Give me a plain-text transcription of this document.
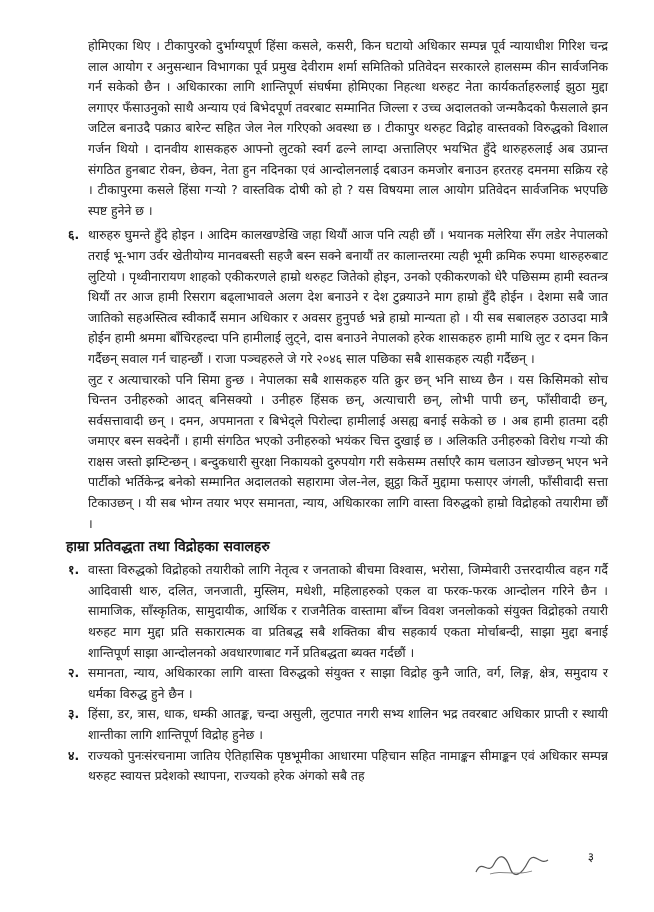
होमिएका थिए । टीकापुरको दुर्भाग्यपूर्ण हिंसा कसले, कसरी, किन घटायो अधिकार सम्पन्न पूर्व न्यायाधीश गिरिश चन्द्र लाल आयोग र अनुसन्धान विभागका पूर्व प्रमुख देवीराम शर्मा समितिको प्रतिवेदन सरकारले हालसम्म कीन सार्वजनिक गर्न सकेको छैन । अधिकारका लागि शान्तिपूर्ण संघर्षमा होमिएका निहत्था थरुहट नेता कार्यकर्ताहरुलाई झुठा मुद्दा लगाएर फँसाउनुको साथै अन्याय एवं बिभेदपूर्ण तवरबाट सम्मानित जिल्ला र उच्च अदालतको जन्मकैदको फैसलाले झन जटिल बनाउदै पक्राउ बारेन्ट सहित जेल नेल गरिएको अवस्था छ । टीकापुर थरुहट विद्रोह वास्तवको विरुद्धको विशाल गर्जन थियो । दानवीय शासकहरु आफ्नो लुटको स्वर्ग ढल्ने लाग्दा अत्तालिएर भयभित हुँदे थारुहरुलाई अब उप्रान्त संगठित हुनबाट रोक्न, छेक्न, नेता हुन नदिनका एवं आन्दोलनलाई दबाउन कमजोर बनाउन हरतरह दमनमा सक्रिय रहे । टीकापुरमा कसले हिंसा गऱ्यो ? वास्तविक दोषी को हो ? यस विषयमा लाल आयोग प्रतिवेदन सार्वजनिक भएपछि स्पष्ट हुनेने छ ।

६. थारुहरु घुमन्ते हुँदे होइन । आदिम कालखण्डेखि जहा थियौं आज पनि त्यही छौं । भयानक मलेरिया सँग लडेर नेपालको तराई भू-भाग उर्वर खेतीयोग्य मानवबस्ती सहजै बस्न सक्ने बनायौं तर कालान्तरमा त्यही भूमी क्रमिक रुपमा थारुहरुबाट लुटियो । पृथ्वीनारायण शाहको एकीकरणले हाम्रो थरुहट जितेको होइन, उनको एकीकरणको धेरै पछिसम्म हामी स्वतन्त्र थियौं तर आज हामी रिसराग बढ्लाभावले अलग देश बनाउने र देश टुक्र्याउने माग हाम्रो हुँदै होईन । देशमा सबै जात जातिको सहअस्तित्व स्वीकार्दै समान अधिकार र अवसर हुनुपर्छ भन्ने हाम्रो मान्यता हो । यी सब सबालहरु उठाउदा मात्रै होईन हामी श्रममा बाँचिरहल्दा पनि हामीलाई लुट्ने, दास बनाउने नेपालको हरेक शासकहरु हामी माथि लुट र दमन किन गर्दैछन् सवाल गर्न चाहन्छौं । राजा पञ्चहरुले जे गरे २०४६ साल पछिका सबै शासकहरु त्यही गर्दैछन् ।

लुट र अत्याचारको पनि सिमा हुन्छ । नेपालका सबै शासकहरु यति क्रुर छन् भनि साध्य छैन । यस किसिमको सोच चिन्तन उनीहरुको आदत् बनिसक्यो । उनीहरु हिंसक छन्, अत्याचारी छन्, लोभी पापी छन्, फाँसीवादी छन्, सर्वसत्तावादी छन् । दमन, अपमानता र बिभेद्ले पिरोल्दा हामीलाई असह्य बनाई सकेको छ । अब हामी हातमा दही जमाएर बस्न सक्देनौं । हामी संगठित भएको उनीहरुको भयंकर चित्त दुखाई छ । अलिकति उनीहरुको विरोध गऱ्यो की राक्षस जस्तो झम्टिन्छन् । बन्दुकधारी सुरक्षा निकायको दुरुपयोग गरी सकेसम्म तर्साएरै काम चलाउन खोज्छन् भएन भने पार्टीको भर्तिकेन्द्र बनेको सम्मानित अदालतको सहारामा जेल-नेल, झुट्ठा किर्ते मुद्दामा फसाएर जंगली, फाँसीवादी सत्ता टिकाउछन् । यी सब भोग्न तयार भएर समानता, न्याय, अधिकारका लागि वास्ता विरुद्धको हाम्रो विद्रोहको तयारीमा छौं ।

हाम्रा प्रतिवद्धता तथा विद्रोहका सवालहरु
१. वास्ता विरुद्धको विद्रोहको तयारीको लागि नेतृत्व र जनताको बीचमा विश्वास, भरोसा, जिम्मेवारी उत्तरदायीत्व वहन गर्दै आदिवासी थारु, दलित, जनजाती, मुस्लिम, मधेशी, महिलाहरुको एकल वा फरक-फरक आन्दोलन गरिने छैन । सामाजिक, साँस्कृतिक, सामुदायीक, आर्थिक र राजनैतिक वास्तामा बाँच्न विवश जनलोकको संयुक्त विद्रोहको तयारी थरुहट माग मुद्दा प्रति सकारात्मक वा प्रतिबद्ध सबै शक्तिका बीच सहकार्य एकता मोर्चाबन्दी, साझा मुद्दा बनाई शान्तिपूर्ण साझा आन्दोलनको अवधारणाबाट गर्ने प्रतिबद्धता ब्यक्त गर्दछौं ।

२. समानता, न्याय, अधिकारका लागि वास्ता विरुद्धको संयुक्त र साझा विद्रोह कुनै जाति, वर्ग, लिङ्ग, क्षेत्र, समुदाय र धर्मका विरुद्ध हुने छैन ।

३. हिंसा, डर, त्रास, धाक, धम्की आतङ्क, चन्दा असुली, लुटपात नगरी सभ्य शालिन भद्र तवरबाट अधिकार प्राप्ती र स्थायी शान्तीका लागि शान्तिपूर्ण विद्रोह हुनेछ ।

४. राज्यको पुनःसंरचनामा जातिय ऐतिहासिक पृष्ठभूमीका आधारमा पहिचान सहित नामाङ्कन सीमाङ्कन एवं अधिकार सम्पन्न थरुहट स्वायत्त प्रदेशको स्थापना, राज्यको हरेक अंगको सबै तह

३
